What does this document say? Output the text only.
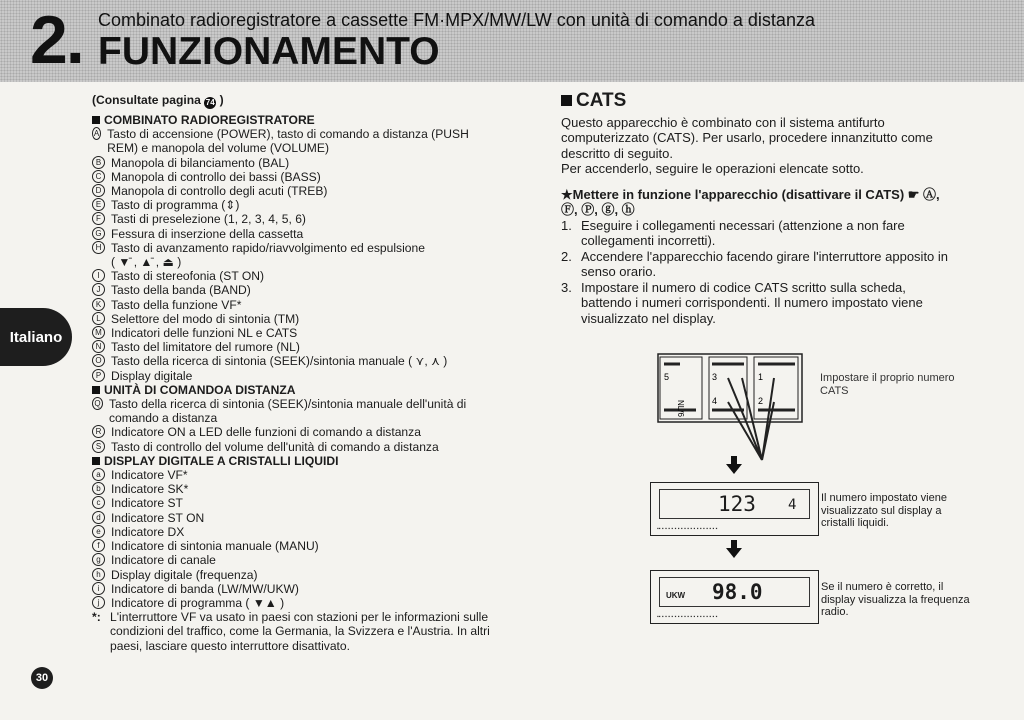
2. Combinato radioregistratore a cassette FM·MPX/MW/LW con unità di comando a distanza
FUNZIONAMENTO
Italiano
30
(Consultate pagina 74 )
COMBINATO RADIOREGISTRATORE
A Tasto di accensione (POWER), tasto di comando a distanza (PUSH REM) e manopola del volume (VOLUME)
B Manopola di bilanciamento (BAL)
C Manopola di controllo dei bassi (BASS)
D Manopola di controllo degli acuti (TREB)
E Tasto di programma (⇕)
F Tasti di preselezione (1, 2, 3, 4, 5, 6)
G Fessura di inserzione della cassetta
H Tasto di avanzamento rapido/riavvolgimento ed espulsione
( ▼̄ , ▲̄ , ⏏ )
I Tasto di stereofonia (ST ON)
J Tasto della banda (BAND)
K Tasto della funzione VF*
L Selettore del modo di sintonia (TM)
M Indicatori delle funzioni NL e CATS
N Tasto del limitatore del rumore (NL)
O Tasto della ricerca di sintonia (SEEK)/sintonia manuale ( ⋎, ⋏ )
P Display digitale
UNITÀ DI COMANDOA DISTANZA
Q Tasto della ricerca di sintonia (SEEK)/sintonia manuale dell'unità di comando a distanza
R Indicatore ON a LED delle funzioni di comando a distanza
S Tasto di controllo del volume dell'unità di comando a distanza
DISPLAY DIGITALE A CRISTALLI LIQUIDI
a Indicatore VF*
b Indicatore SK*
c Indicatore ST
d Indicatore ST ON
e Indicatore DX
f Indicatore di sintonia manuale (MANU)
g Indicatore di canale
h Display digitale (frequenza)
i Indicatore di banda (LW/MW/UKW)
j Indicatore di programma ( ▼▲ )
*: L'interruttore VF va usato in paesi con stazioni per le informazioni sulle condizioni del traffico, come la Germania, la Svizzera e l'Austria. In altri paesi, lasciare questo interruttore disattivato.
CATS
Questo apparecchio è combinato con il sistema antifurto computerizzato (CATS). Per usarlo, procedere innanzitutto come descritto di seguito.
Per accenderlo, seguire le operazioni elencate sotto.
★Mettere in funzione l'apparecchio (disattivare il CATS) ☛ Ⓐ, Ⓕ, Ⓟ, ⓖ, ⓗ
1. Eseguire i collegamenti necessari (attenzione a non fare collegamenti incorretti).
2. Accendere l'apparecchio facendo girare l'interruttore apposito in senso orario.
3. Impostare il numero di codice CATS scritto sulla scheda, battendo i numeri corrispondenti. Il numero impostato viene visualizzato nel display.
5	3	1
4	2
NL/6
Impostare il proprio numero CATS
123 4
▪▪ ▪ ▪ ▪ ▪ ▪ ▪ ▪ ▪ ▪ ▪ ▪ ▪ ▪ ▪ ▪ ▪ ▪ ▪
Il numero impostato viene visualizzato sul display a cristalli liquidi.
UKW 98.0
▪▪ ▪ ▪ ▪ ▪ ▪ ▪ ▪ ▪ ▪ ▪ ▪ ▪ ▪ ▪ ▪ ▪ ▪ ▪
Se il numero è corretto, il display visualizza la frequenza radio.
